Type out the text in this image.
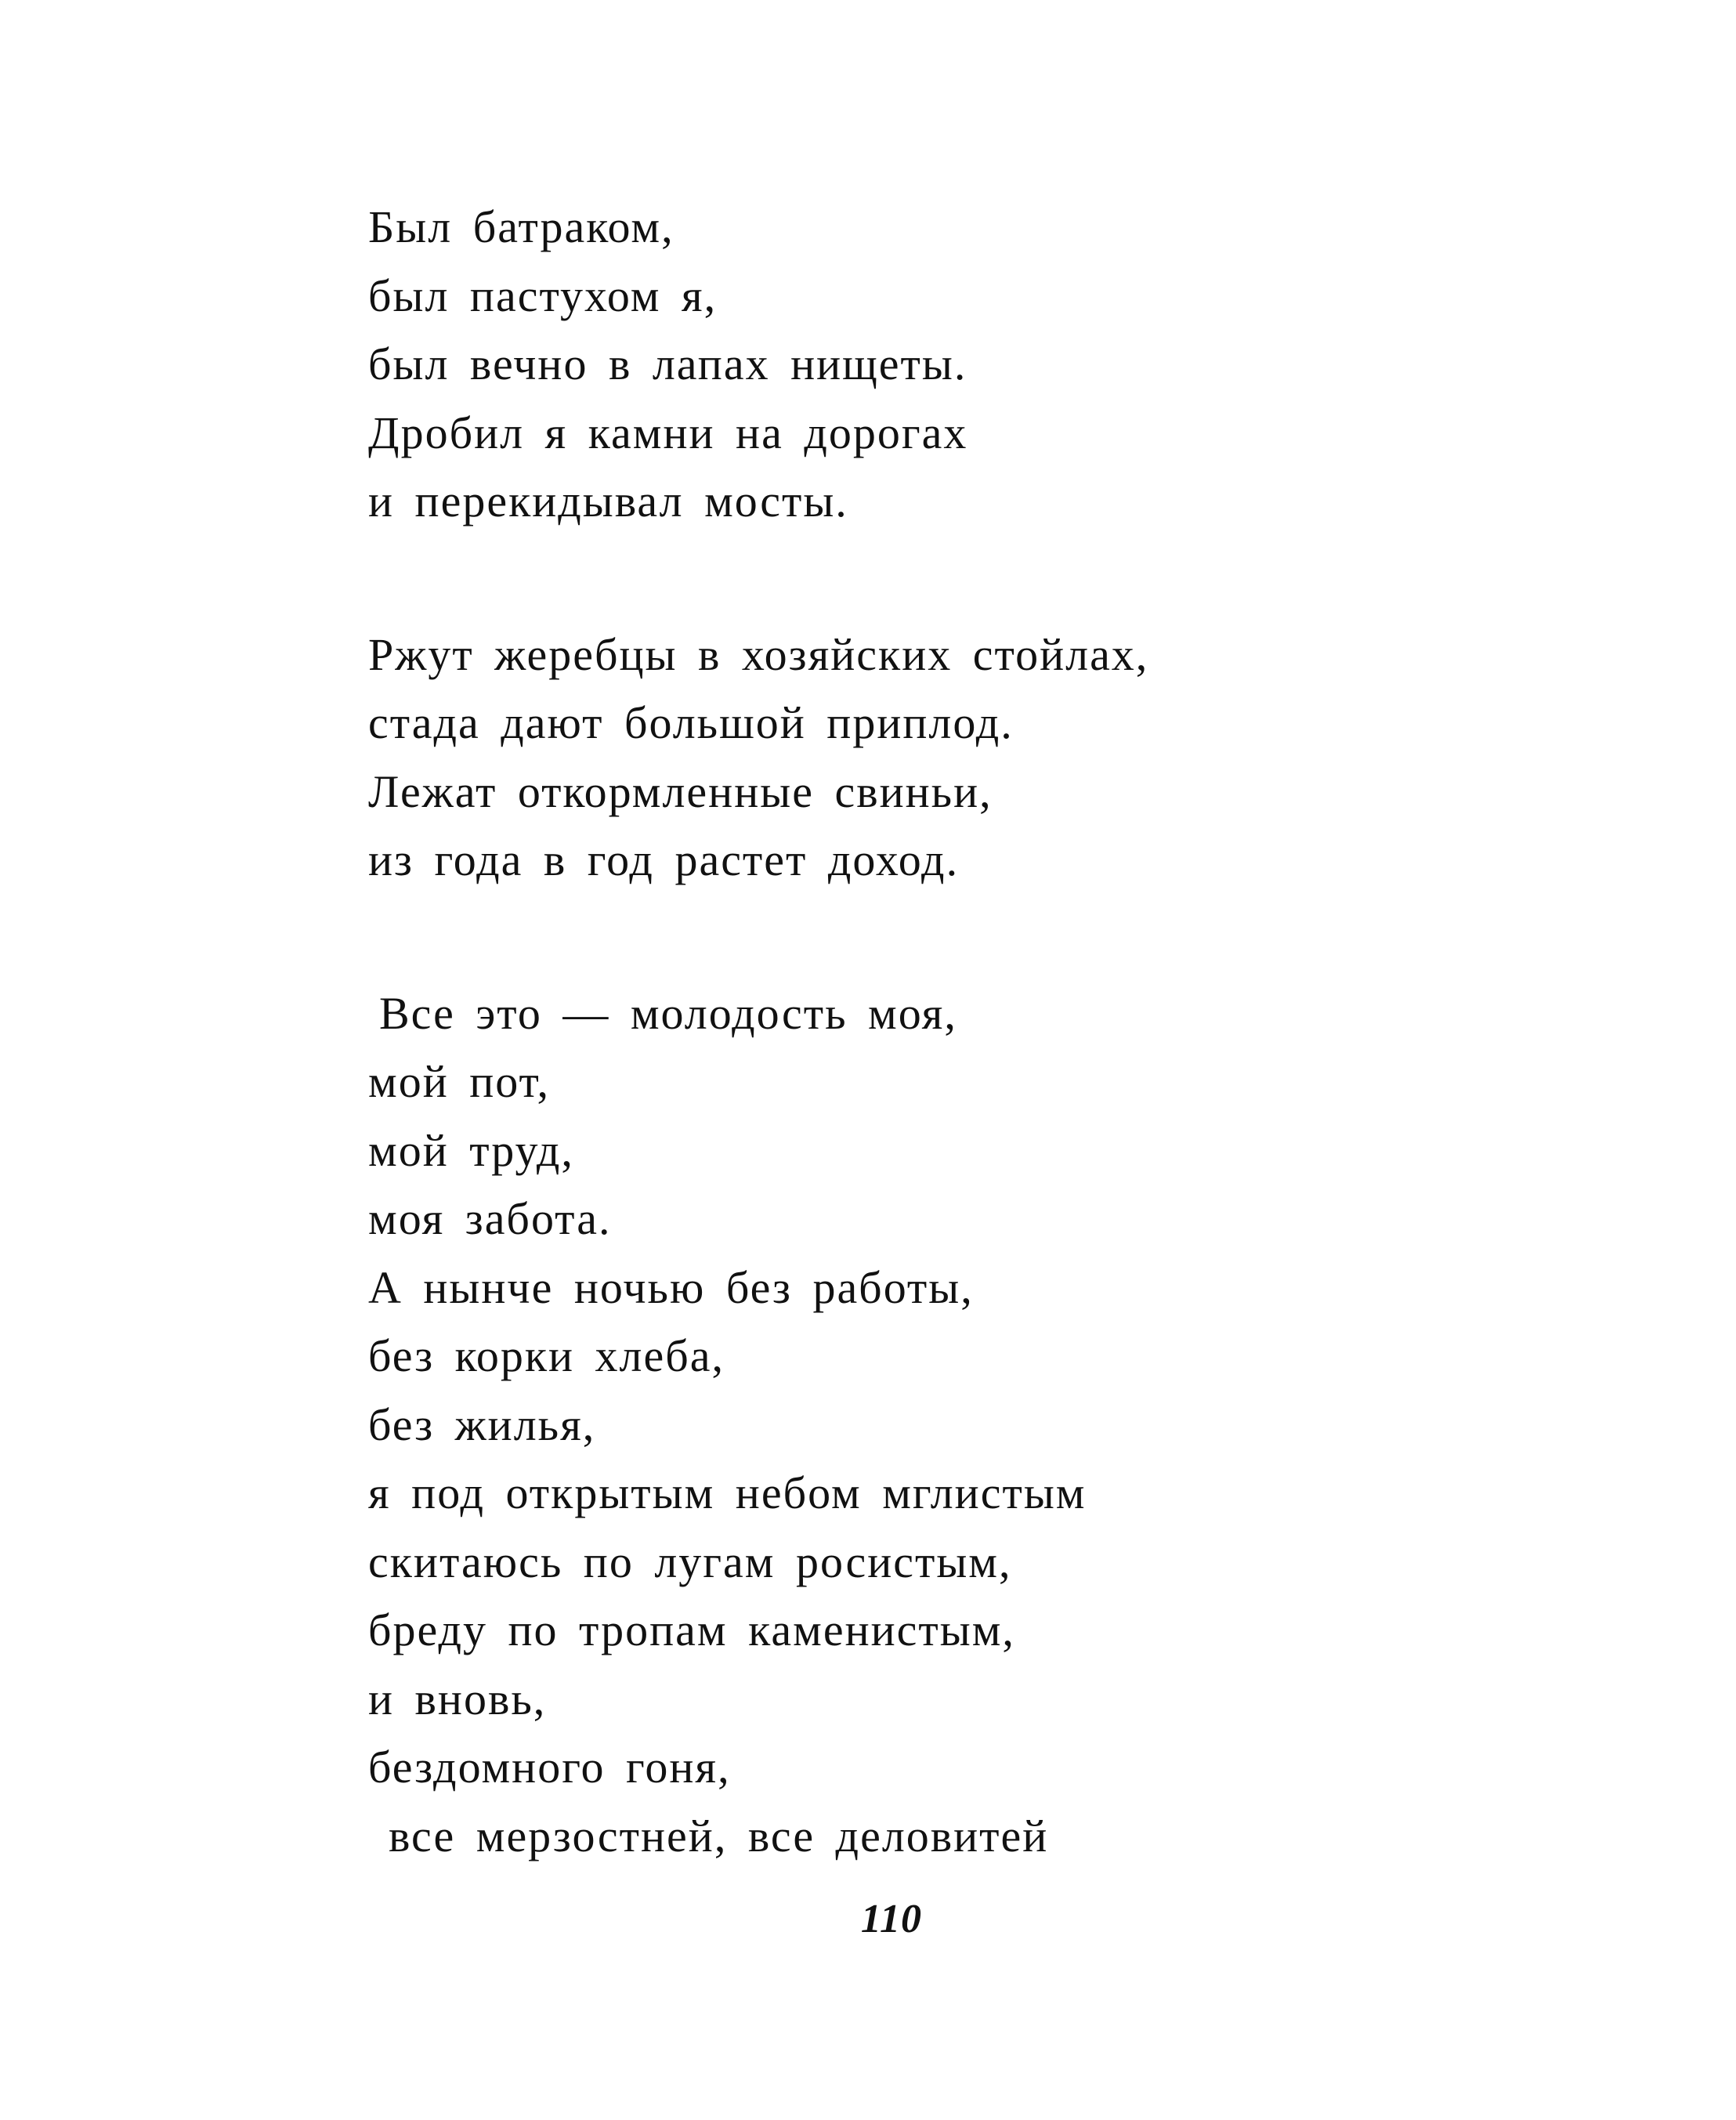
Был батраком,
был пастухом я,
был вечно в лапах нищеты.
Дробил я камни на дорогах
и перекидывал мосты.
Ржут жеребцы в хозяйских стойлах,
стада дают большой приплод.
Лежат откормленные свиньи,
из года в год растет доход.
Все это — молодость моя,
мой пот,
мой труд,
моя забота.
А нынче ночью без работы,
без корки хлеба,
без жилья,
я под открытым небом мглистым
скитаюсь по лугам росистым,
бреду по тропам каменистым,
и вновь,
бездомного гоня,
все мерзостней, все деловитей
110
